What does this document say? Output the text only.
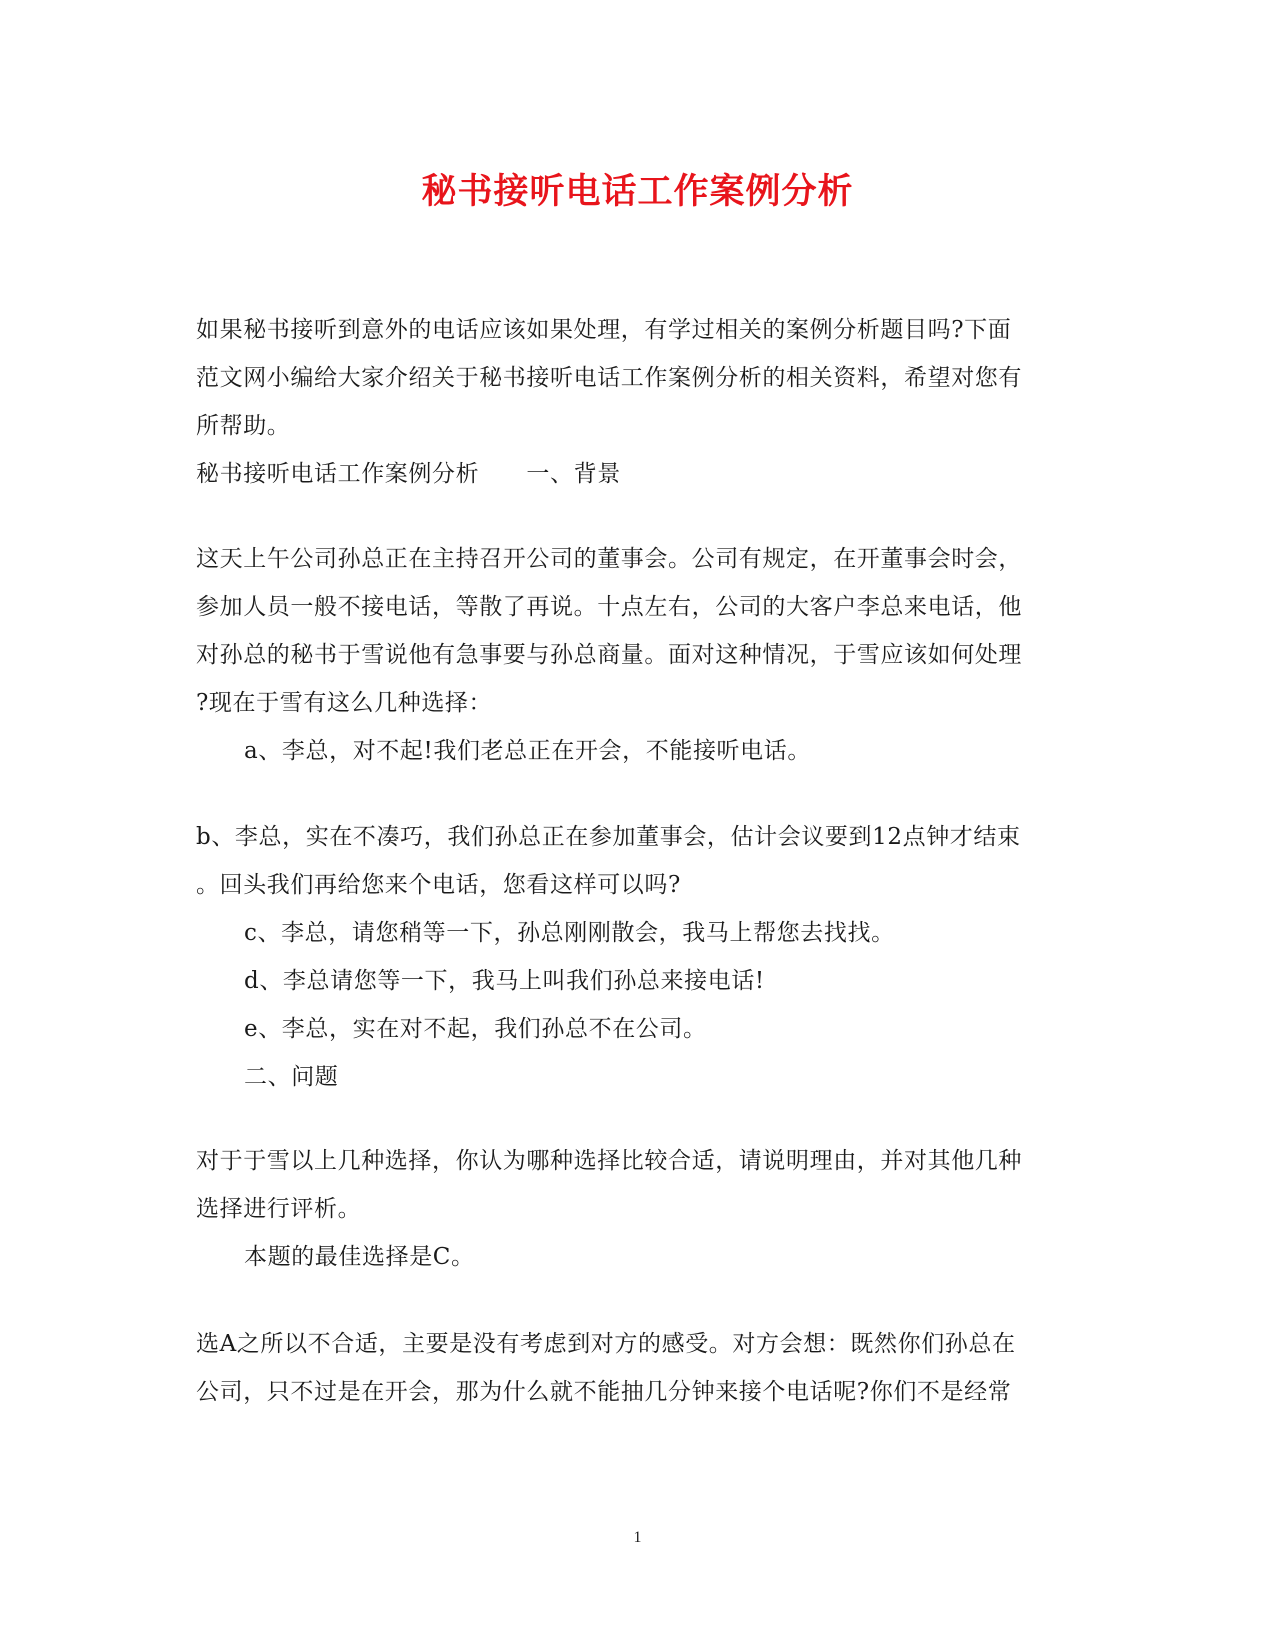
秘书接听电话工作案例分析
如果秘书接听到意外的电话应该如果处理，有学过相关的案例分析题目吗?下面
范文网小编给大家介绍关于秘书接听电话工作案例分析的相关资料，希望对您有
所帮助。
秘书接听电话工作案例分析　　一、背景
这天上午公司孙总正在主持召开公司的董事会。公司有规定，在开董事会时会，
参加人员一般不接电话，等散了再说。十点左右，公司的大客户李总来电话，他
对孙总的秘书于雪说他有急事要与孙总商量。面对这种情况，于雪应该如何处理
?现在于雪有这么几种选择：
a、李总，对不起!我们老总正在开会，不能接听电话。
b、李总，实在不凑巧，我们孙总正在参加董事会，估计会议要到12点钟才结束
。回头我们再给您来个电话，您看这样可以吗?
c、李总，请您稍等一下，孙总刚刚散会，我马上帮您去找找。
d、李总请您等一下，我马上叫我们孙总来接电话!
e、李总，实在对不起，我们孙总不在公司。
二、问题
对于于雪以上几种选择，你认为哪种选择比较合适，请说明理由，并对其他几种
选择进行评析。
本题的最佳选择是C。
选A之所以不合适，主要是没有考虑到对方的感受。对方会想：既然你们孙总在
公司，只不过是在开会，那为什么就不能抽几分钟来接个电话呢?你们不是经常
1
